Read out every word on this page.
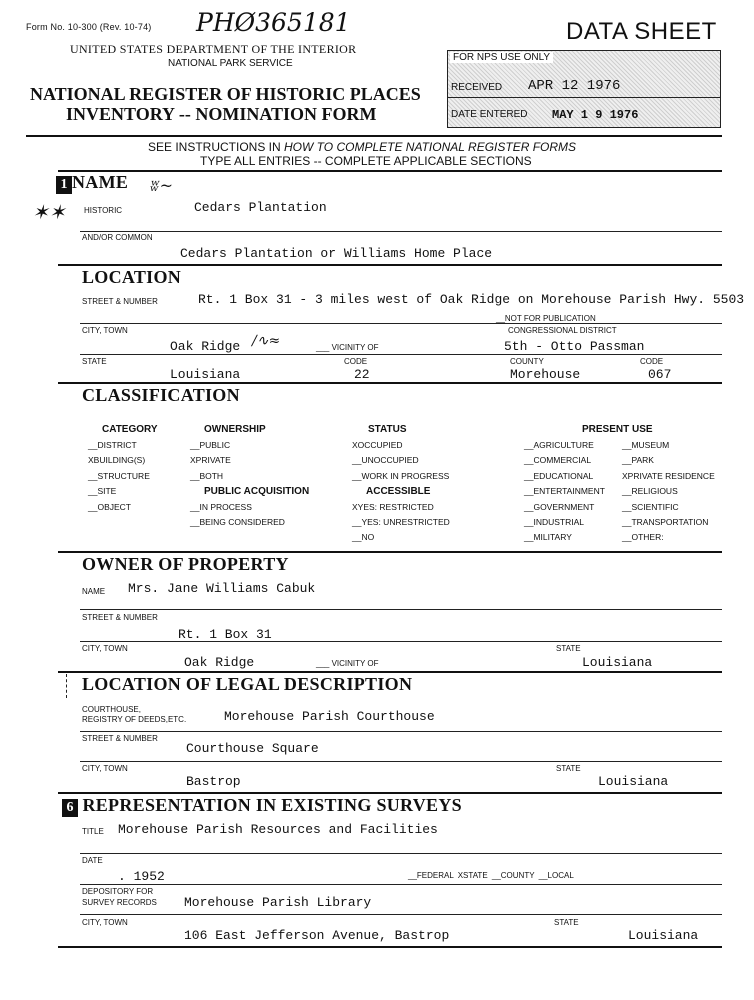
Form No. 10-300 (Rev. 10-74) PHØ365181
UNITED STATES DEPARTMENT OF THE INTERIOR
NATIONAL PARK SERVICE
NATIONAL REGISTER OF HISTORIC PLACES
INVENTORY -- NOMINATION FORM
DATA SHEET
FOR NPS USE ONLY
RECEIVED APR 12 1976
DATE ENTERED MAY 1 9 1976
SEE INSTRUCTIONS IN HOW TO COMPLETE NATIONAL REGISTER FORMS
TYPE ALL ENTRIES -- COMPLETE APPLICABLE SECTIONS
1 NAME ʬ~
✶✶ HISTORIC	Cedars Plantation
AND/OR COMMON
Cedars Plantation or Williams Home Place
LOCATION
STREET & NUMBER	Rt. 1 Box 31 - 3 miles west of Oak Ridge on Morehouse Parish Hwy. 5503
__NOT FOR PUBLICATION
CITY, TOWN	CONGRESSIONAL DISTRICT
Oak Ridge ∕∿≈	___ VICINITY OF	5th - Otto Passman
STATE	CODE	COUNTY	CODE
Louisiana	22	Morehouse	067
CLASSIFICATION
CATEGORY
__DISTRICT
XBUILDING(S)
__STRUCTURE
__SITE
__OBJECT
OWNERSHIP
__PUBLIC
XPRIVATE
__BOTH
PUBLIC ACQUISITION
__IN PROCESS
__BEING CONSIDERED
STATUS
XOCCUPIED
__UNOCCUPIED
__WORK IN PROGRESS
ACCESSIBLE
XYES: RESTRICTED
__YES: UNRESTRICTED
__NO
PRESENT USE
__AGRICULTURE
__COMMERCIAL
__EDUCATIONAL
__ENTERTAINMENT
__GOVERNMENT
__INDUSTRIAL
__MILITARY
__MUSEUM
__PARK
XPRIVATE RESIDENCE
__RELIGIOUS
__SCIENTIFIC
__TRANSPORTATION
__OTHER:
OWNER OF PROPERTY
NAME Mrs. Jane Williams Cabuk
STREET & NUMBER
Rt. 1 Box 31
CITY, TOWN	STATE
Oak Ridge	___ VICINITY OF	Louisiana
LOCATION OF LEGAL DESCRIPTION
COURTHOUSE,
REGISTRY OF DEEDS,ETC.	Morehouse Parish Courthouse
STREET & NUMBER
Courthouse Square
CITY, TOWN	STATE
Bastrop	Louisiana
6 REPRESENTATION IN EXISTING SURVEYS
TITLE Morehouse Parish Resources and Facilities
DATE
. 1952	__FEDERAL XSTATE __COUNTY __LOCAL
DEPOSITORY FOR
SURVEY RECORDS Morehouse Parish Library
CITY, TOWN	STATE
106 East Jefferson Avenue, Bastrop	Louisiana
